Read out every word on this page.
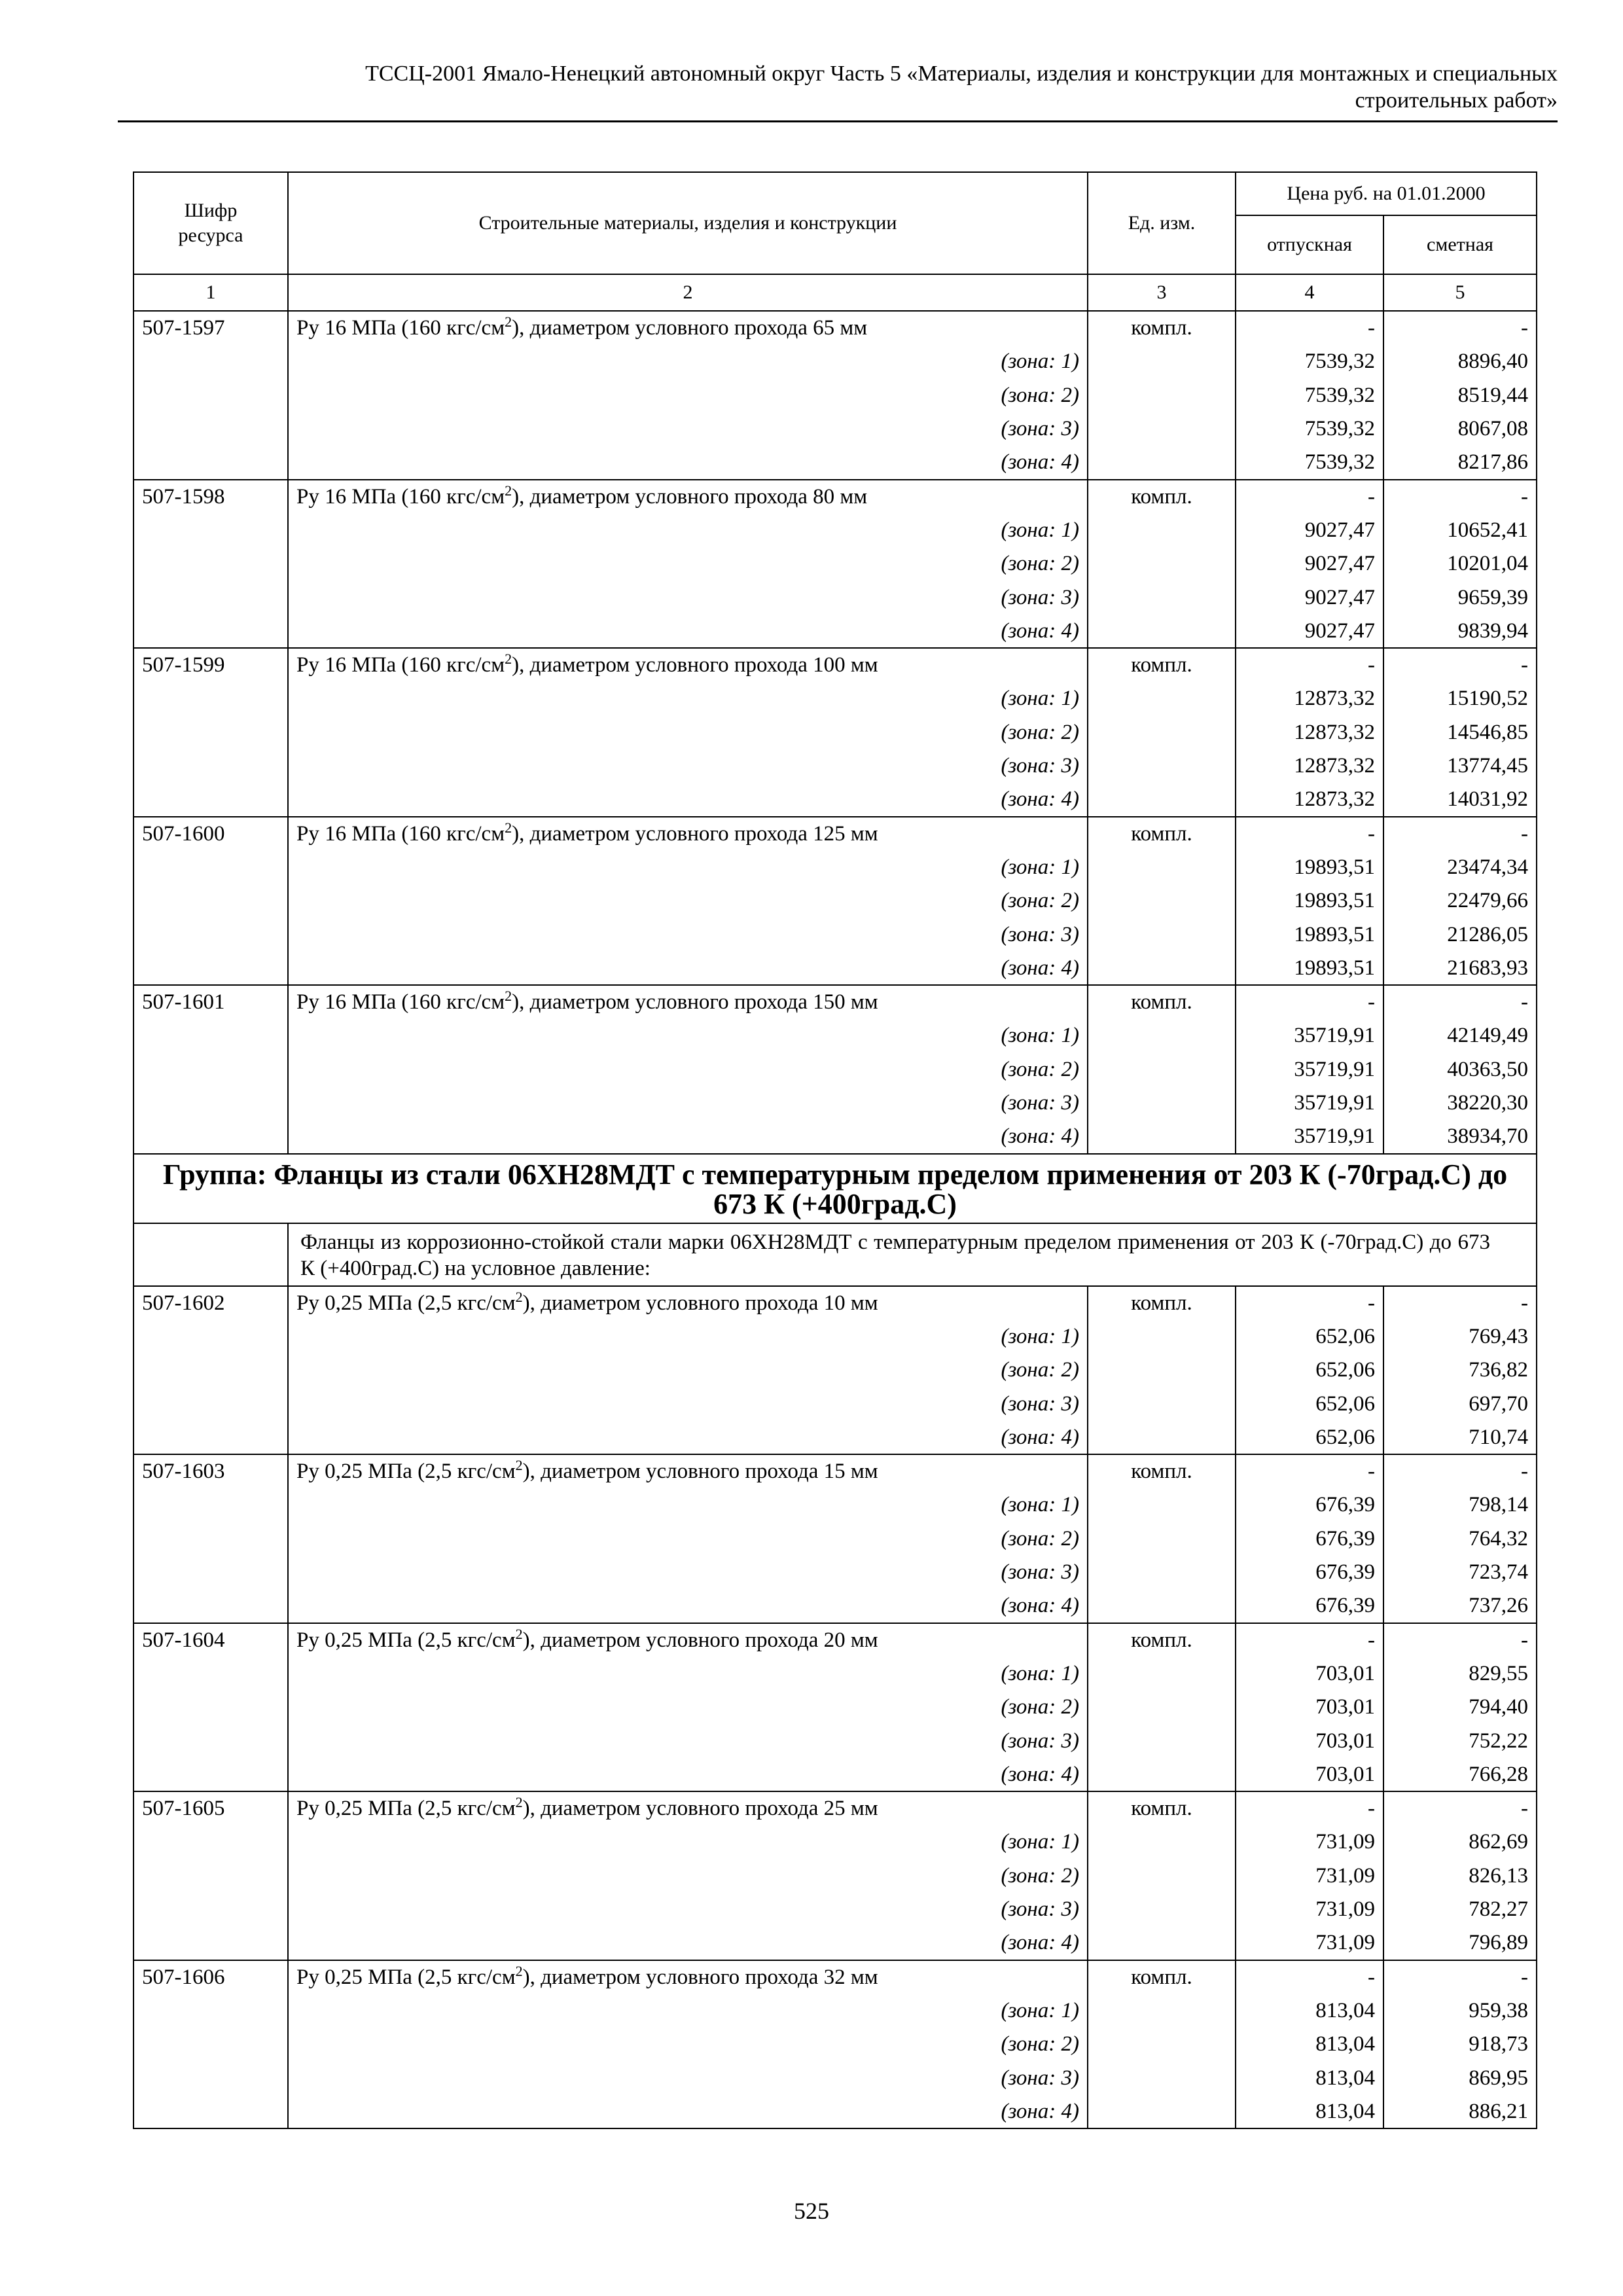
ТССЦ-2001 Ямало-Ненецкий автономный округ Часть 5 «Материалы, изделия и конструкции для монтажных и специальных
строительных работ»
Шифр ресурса	Строительные материалы, изделия и конструкции	Ед. изм.	Цена руб. на 01.01.2000	
			отпускная	сметная
1	2	3	4	5
507-1597	Ру 16 МПа (160 кгс/$см^2$), диаметром условного прохода 65 мм	компл.	-	-
	(зона: 1)		7539,32	8896,40
	(зона: 2)		7539,32	8519,44
	(зона: 3)		7539,32	8067,08
	(зона: 4)		7539,32	8217,86
507-1598	Ру 16 МПа (160 кгс/$см^2$), диаметром условного прохода 80 мм	компл.	-	-
	(зона: 1)		9027,47	10652,41
	(зона: 2)		9027,47	10201,04
	(зона: 3)		9027,47	9659,39
	(зона: 4)		9027,47	9839,94
507-1599	Ру 16 МПа (160 кгс/$см^2$), диаметром условного прохода 100 мм	компл.	-	-
	(зона: 1)		12873,32	15190,52
	(зона: 2)		12873,32	14546,85
	(зона: 3)		12873,32	13774,45
	(зона: 4)		12873,32	14031,92
507-1600	Ру 16 МПа (160 кгс/$см^2$), диаметром условного прохода 125 мм	компл.	-	-
	(зона: 1)		19893,51	23474,34
	(зона: 2)		19893,51	22479,66
	(зона: 3)		19893,51	21286,05
	(зона: 4)		19893,51	21683,93
507-1601	Ру 16 МПа (160 кгс/$см^2$), диаметром условного прохода 150 мм	компл.	-	-
	(зона: 1)		35719,91	42149,49
	(зона: 2)		35719,91	40363,50
	(зона: 3)		35719,91	38220,30
	(зона: 4)		35719,91	38934,70
Группа: Фланцы из стали 06ХН28МДТ с температурным пределом применения от 203 К (-70град.С) до 673 К (+400град.С)				
	Фланцы из коррозионно-стойкой стали марки 06ХН28МДТ с температурным пределом применения от 203 К (-70град.С) до 673 К (+400град.С) на условное давление:			
507-1602	Ру 0,25 МПа (2,5 кгс/$см^2$), диаметром условного прохода 10 мм	компл.	-	-
	(зона: 1)		652,06	769,43
	(зона: 2)		652,06	736,82
	(зона: 3)		652,06	697,70
	(зона: 4)		652,06	710,74
507-1603	Ру 0,25 МПа (2,5 кгс/$см^2$), диаметром условного прохода 15 мм	компл.	-	-
	(зона: 1)		676,39	798,14
	(зона: 2)		676,39	764,32
	(зона: 3)		676,39	723,74
	(зона: 4)		676,39	737,26
507-1604	Ру 0,25 МПа (2,5 кгс/$см^2$), диаметром условного прохода 20 мм	компл.	-	-
	(зона: 1)		703,01	829,55
	(зона: 2)		703,01	794,40
	(зона: 3)		703,01	752,22
	(зона: 4)		703,01	766,28
507-1605	Ру 0,25 МПа (2,5 кгс/$см^2$), диаметром условного прохода 25 мм	компл.	-	-
	(зона: 1)		731,09	862,69
	(зона: 2)		731,09	826,13
	(зона: 3)		731,09	782,27
	(зона: 4)		731,09	796,89
507-1606	Ру 0,25 МПа (2,5 кгс/$см^2$), диаметром условного прохода 32 мм	компл.	-	-
	(зона: 1)		813,04	959,38
	(зона: 2)		813,04	918,73
	(зона: 3)		813,04	869,95
	(зона: 4)		813,04	886,21
525
